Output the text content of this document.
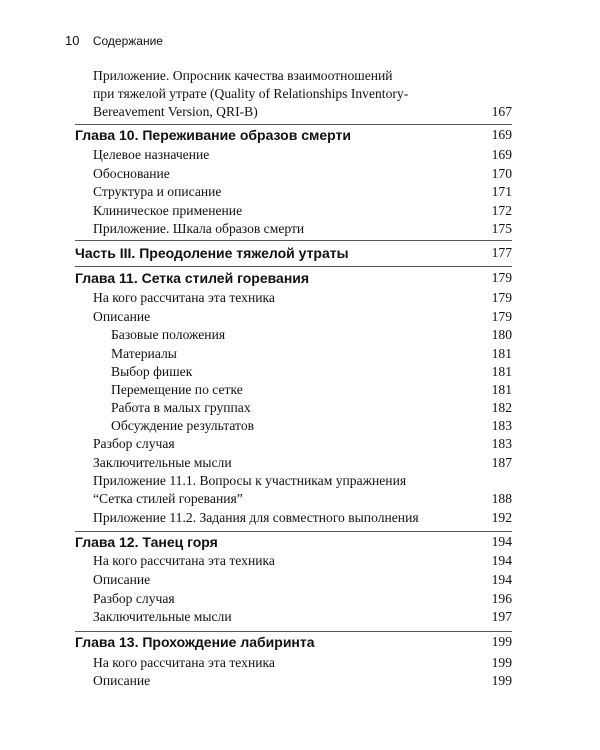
10 Содержание
Приложение. Опросник качества взаимоотношений
при тяжелой утрате (Quality of Relationships Inventory-
Bereavement Version, QRI-B)	167
Глава 10. Переживание образов смерти	169
Целевое назначение	169
Обоснование	170
Структура и описание	171
Клиническое применение	172
Приложение. Шкала образов смерти	175
Часть III. Преодоление тяжелой утраты	177
Глава 11. Сетка стилей горевания	179
На кого рассчитана эта техника	179
Описание	179
Базовые положения	180
Материалы	181
Выбор фишек	181
Перемещение по сетке	181
Работа в малых группах	182
Обсуждение результатов	183
Разбор случая	183
Заключительные мысли	187
Приложение 11.1. Вопросы к участникам упражнения
“Сетка стилей горевания”	188
Приложение 11.2. Задания для совместного выполнения	192
Глава 12. Танец горя	194
На кого рассчитана эта техника	194
Описание	194
Разбор случая	196
Заключительные мысли	197
Глава 13. Прохождение лабиринта	199
На кого рассчитана эта техника	199
Описание	199
